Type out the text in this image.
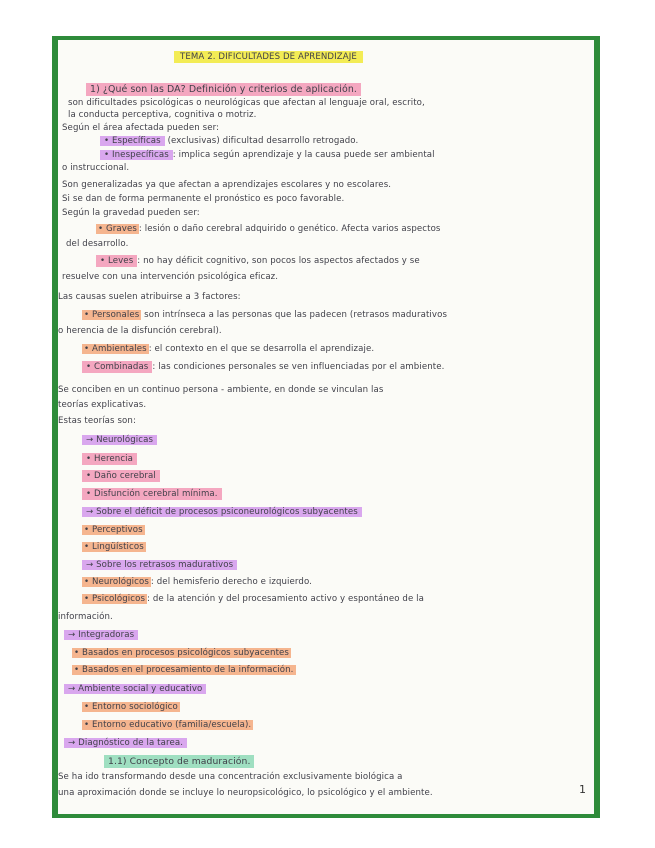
TEMA 2. DIFICULTADES DE APRENDIZAJE
1) ¿Qué son las DA? Definición y criterios de aplicación.
son dificultades psicológicas o neurológicas que afectan al lenguaje oral, escrito,
la conducta perceptiva, cognitiva o motriz.
Según el área afectada pueden ser:
• Específicas (exclusivas) dificultad desarrollo retrogado.
• Inespecíficas : implica según aprendizaje y la causa puede ser ambiental
o instruccional.
Son generalizadas ya que afectan a aprendizajes escolares y no escolares.
Si se dan de forma permanente el pronóstico es poco favorable.
Según la gravedad pueden ser:
• Graves : lesión o daño cerebral adquirido o genético. Afecta varios aspectos
del desarrollo.
• Leves : no hay déficit cognitivo, son pocos los aspectos afectados y se
resuelve con una intervención psicológica eficaz.
Las causas suelen atribuirse a 3 factores:
• Personales son intrínseca a las personas que las padecen (retrasos madurativos
o herencia de la disfunción cerebral).
• Ambientales : el contexto en el que se desarrolla el aprendizaje.
• Combinadas : las condiciones personales se ven influenciadas por el ambiente.
Se conciben en un continuo persona - ambiente, en donde se vinculan las
teorías explicativas.
Estas teorías son:
→ Neurológicas
• Herencia
• Daño cerebral
• Disfunción cerebral mínima.
→ Sobre el déficit de procesos psiconeurológicos subyacentes
• Perceptivos
• Lingüísticos
→ Sobre los retrasos madurativos
• Neurológicos : del hemisferio derecho e izquierdo.
• Psicológicos : de la atención y del procesamiento activo y espontáneo de la
información.
→ Integradoras
• Basados en procesos psicológicos subyacentes
• Basados en el procesamiento de la información.
→ Ambiente social y educativo
• Entorno sociológico
• Entorno educativo (familia/escuela).
→ Diagnóstico de la tarea.
1.1) Concepto de maduración.
Se ha ido transformando desde una concentración exclusivamente biológica a
una aproximación donde se incluye lo neuropsicológico, lo psicológico y el ambiente.	1
